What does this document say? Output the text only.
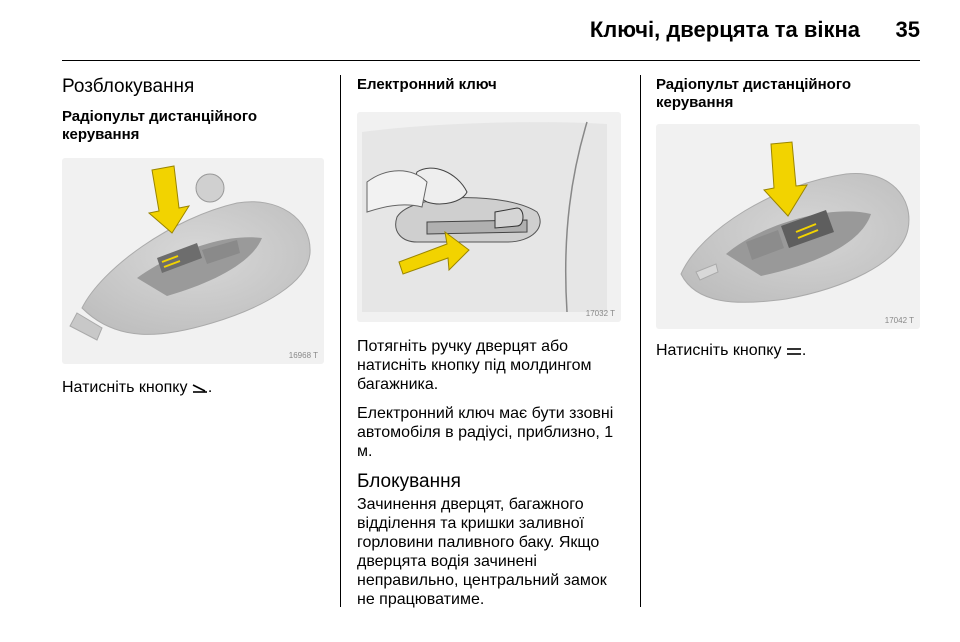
Ключі, дверцята та вікна	35
Розблокування
Радіопульт дистанційного керування
16968 T

Натисніть кнопку .

Електронний ключ
17032 T

Потягніть ручку дверцят або натисніть кнопку під молдингом багажника.

Електронний ключ має бути ззовні автомобіля в радіусі, приблизно, 1 м.

Блокування

Зачинення дверцят, багажного відділення та кришки заливної горловини паливного баку. Якщо дверцята водія зачинені неправильно, центральний замок не працюватиме.

Радіопульт дистанційного керування
17042 T

Натисніть кнопку .
